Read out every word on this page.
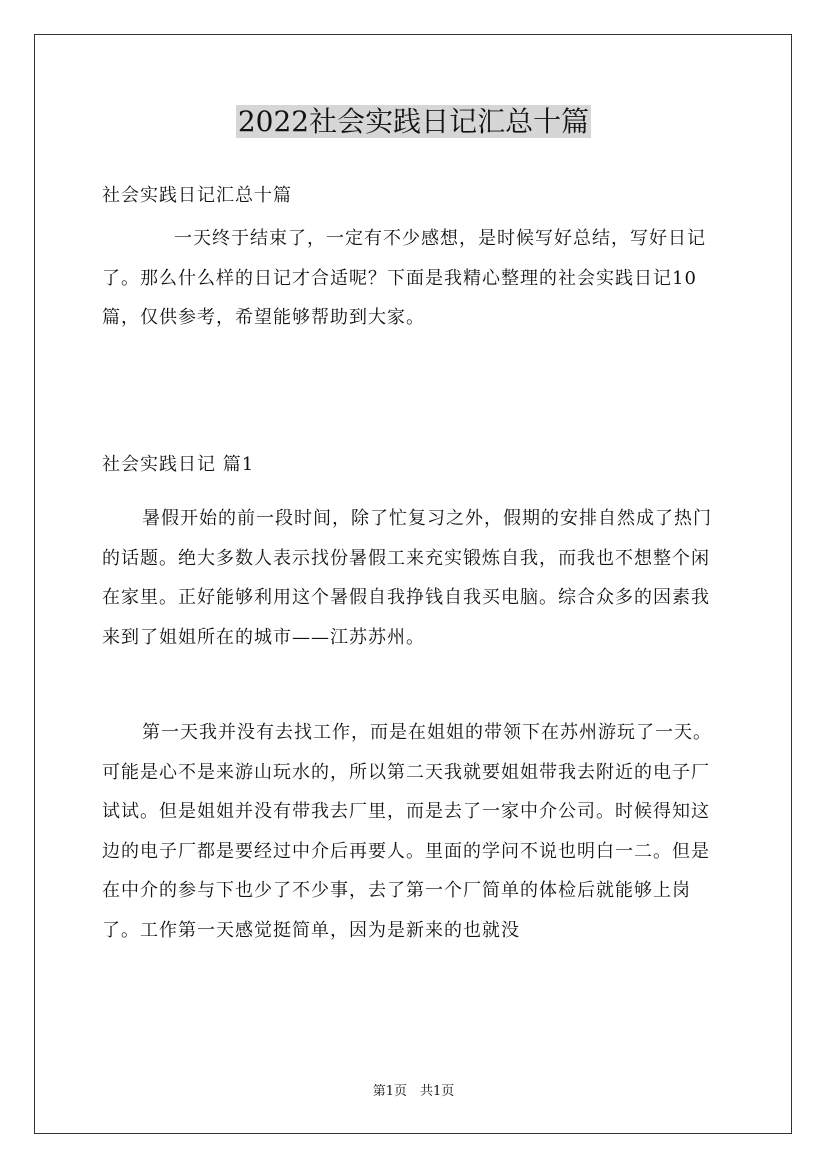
2022社会实践日记汇总十篇
社会实践日记汇总十篇

一天终于结束了，一定有不少感想，是时候写好总结，写好日记了。那么什么样的日记才合适呢？下面是我精心整理的社会实践日记10篇，仅供参考，希望能够帮助到大家。

社会实践日记 篇1

暑假开始的前一段时间，除了忙复习之外，假期的安排自然成了热门的话题。绝大多数人表示找份暑假工来充实锻炼自我，而我也不想整个闲在家里。正好能够利用这个暑假自我挣钱自我买电脑。综合众多的因素我来到了姐姐所在的城市——江苏苏州。

第一天我并没有去找工作，而是在姐姐的带领下在苏州游玩了一天。可能是心不是来游山玩水的，所以第二天我就要姐姐带我去附近的电子厂试试。但是姐姐并没有带我去厂里，而是去了一家中介公司。时候得知这边的电子厂都是要经过中介后再要人。里面的学问不说也明白一二。但是在中介的参与下也少了不少事，去了第一个厂简单的体检后就能够上岗了。工作第一天感觉挺简单，因为是新来的也就没

第1页　共1页
